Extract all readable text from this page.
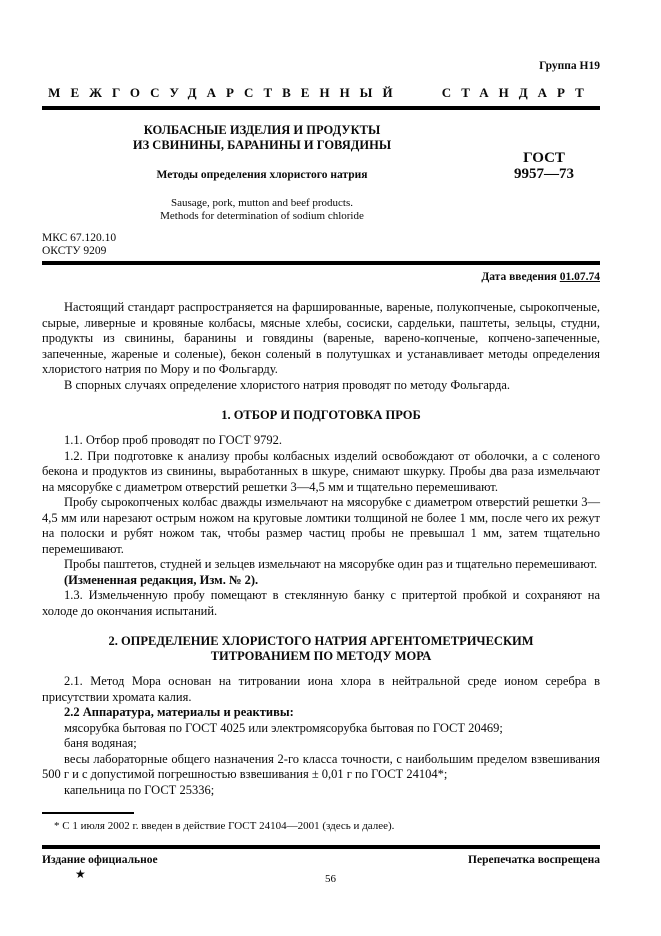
Группа Н19
МЕЖГОСУДАРСТВЕННЫЙ СТАНДАРТ
КОЛБАСНЫЕ ИЗДЕЛИЯ И ПРОДУКТЫ
ИЗ СВИНИНЫ, БАРАНИНЫ И ГОВЯДИНЫ
Методы определения хлористого натрия
Sausage, pork, mutton and beef products.
Methods for determination of sodium chloride
ГОСТ
9957—73
МКС 67.120.10
ОКСТУ 9209
Дата введения 01.07.74

Настоящий стандарт распространяется на фаршированные, вареные, полукопченые, сырокопченые, сырые, ливерные и кровяные колбасы, мясные хлебы, сосиски, сардельки, паштеты, зельцы, студни, продукты из свинины, баранины и говядины (вареные, варено-копченые, копчено-запеченные, запеченные, жареные и соленые), бекон соленый в полутушках и устанавливает методы определения хлористого натрия по Мору и по Фольгарду.

В спорных случаях определение хлористого натрия проводят по методу Фольгарда.

1. ОТБОР И ПОДГОТОВКА ПРОБ

1.1. Отбор проб проводят по ГОСТ 9792.

1.2. При подготовке к анализу пробы колбасных изделий освобождают от оболочки, а с соленого бекона и продуктов из свинины, выработанных в шкуре, снимают шкурку. Пробы два раза измельчают на мясорубке с диаметром отверстий решетки 3—4,5 мм и тщательно перемешивают.

Пробу сырокопченых колбас дважды измельчают на мясорубке с диаметром отверстий решетки 3—4,5 мм или нарезают острым ножом на круговые ломтики толщиной не более 1 мм, после чего их режут на полоски и рубят ножом так, чтобы размер частиц пробы не превышал 1 мм, затем тщательно перемешивают.

Пробы паштетов, студней и зельцев измельчают на мясорубке один раз и тщательно перемешивают.

(Измененная редакция, Изм. № 2).

1.3. Измельченную пробу помещают в стеклянную банку с притертой пробкой и сохраняют на холоде до окончания испытаний.

2. ОПРЕДЕЛЕНИЕ ХЛОРИСТОГО НАТРИЯ АРГЕНТОМЕТРИЧЕСКИМ
ТИТРОВАНИЕМ ПО МЕТОДУ МОРА

2.1. Метод Мора основан на титровании иона хлора в нейтральной среде ионом серебра в присутствии хромата калия.

2.2 Аппаратура, материалы и реактивы:

мясорубка бытовая по ГОСТ 4025 или электромясорубка бытовая по ГОСТ 20469;

баня водяная;

весы лабораторные общего назначения 2-го класса точности, с наибольшим пределом взвешивания 500 г и с допустимой погрешностью взвешивания ± 0,01 г по ГОСТ 24104*;

капельница по ГОСТ 25336;

* С 1 июля 2002 г. введен в действие ГОСТ 24104—2001 (здесь и далее).
Издание официальное	Перепечатка воспрещена
★	56
